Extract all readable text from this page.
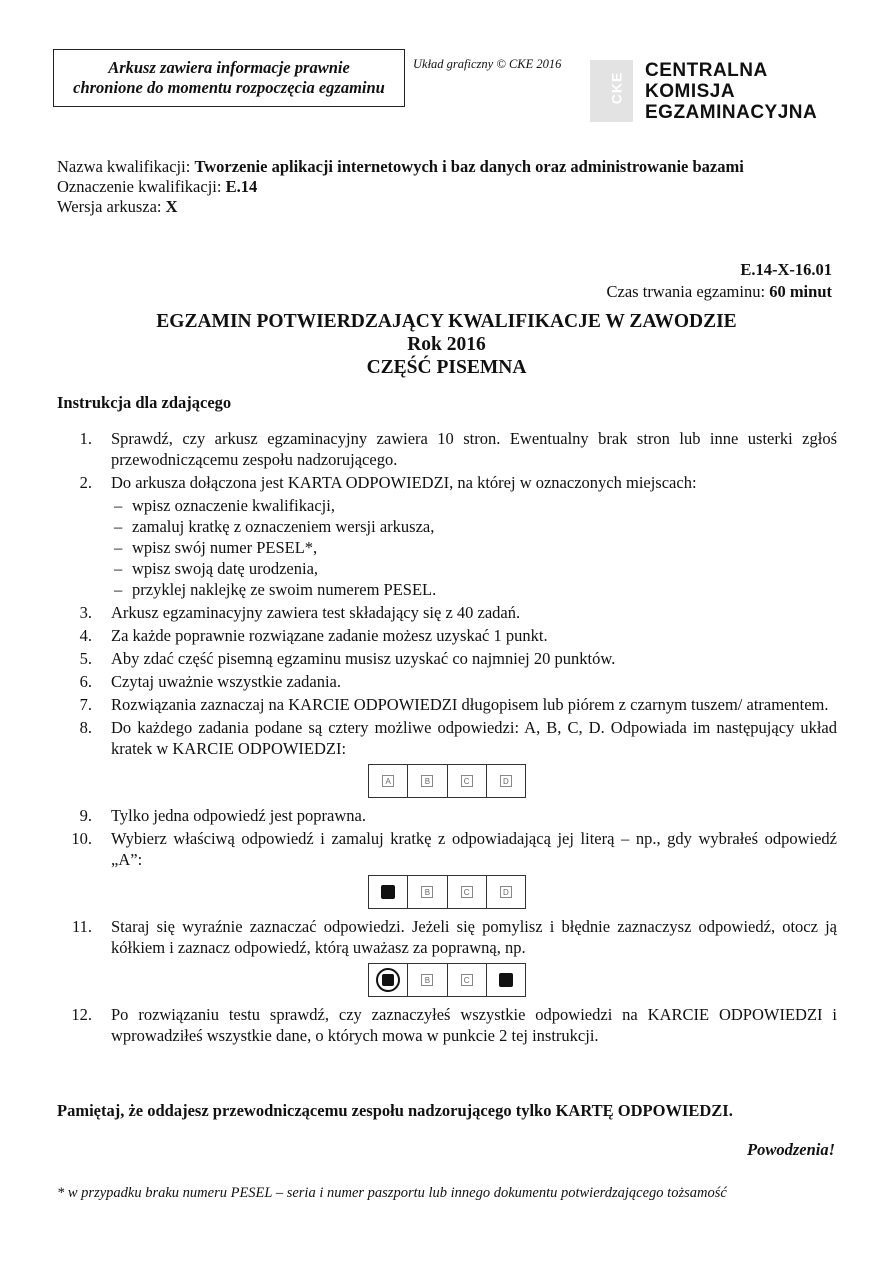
Arkusz zawiera informacje prawnie
chronione do momentu rozpoczęcia egzaminu
Układ graficzny © CKE 2016
CKE
CENTRALNA
KOMISJA
EGZAMINACYJNA
Nazwa kwalifikacji: Tworzenie aplikacji internetowych i baz danych oraz administrowanie bazami
Oznaczenie kwalifikacji: E.14
Wersja arkusza: X
E.14-X-16.01
Czas trwania egzaminu: 60 minut
EGZAMIN POTWIERDZAJĄCY KWALIFIKACJE W ZAWODZIE
Rok 2016
CZĘŚĆ PISEMNA
Instrukcja dla zdającego
1. Sprawdź, czy arkusz egzaminacyjny zawiera 10 stron. Ewentualny brak stron lub inne usterki zgłoś przewodniczącemu zespołu nadzorującego.
2. Do arkusza dołączona jest KARTA ODPOWIEDZI, na której w oznaczonych miejscach:
– wpisz oznaczenie kwalifikacji,
– zamaluj kratkę z oznaczeniem wersji arkusza,
– wpisz swój numer PESEL*,
– wpisz swoją datę urodzenia,
– przyklej naklejkę ze swoim numerem PESEL.
3. Arkusz egzaminacyjny zawiera test składający się z 40 zadań.
4. Za każde poprawnie rozwiązane zadanie możesz uzyskać 1 punkt.
5. Aby zdać część pisemną egzaminu musisz uzyskać co najmniej 20 punktów.
6. Czytaj uważnie wszystkie zadania.
7. Rozwiązania zaznaczaj na KARCIE ODPOWIEDZI długopisem lub piórem z czarnym tuszem/ atramentem.
8. Do każdego zadania podane są cztery możliwe odpowiedzi: A, B, C, D. Odpowiada im następujący układ kratek w KARCIE ODPOWIEDZI:
A	B	C	D
9. Tylko jedna odpowiedź jest poprawna.
10. Wybierz właściwą odpowiedź i zamaluj kratkę z odpowiadającą jej literą – np., gdy wybrałeś odpowiedź „A”:
B	C	D
11. Staraj się wyraźnie zaznaczać odpowiedzi. Jeżeli się pomylisz i błędnie zaznaczysz odpowiedź, otocz ją kółkiem i zaznacz odpowiedź, którą uważasz za poprawną, np.
B	C
12. Po rozwiązaniu testu sprawdź, czy zaznaczyłeś wszystkie odpowiedzi na KARCIE ODPOWIEDZI i wprowadziłeś wszystkie dane, o których mowa w punkcie 2 tej instrukcji.
Pamiętaj, że oddajesz przewodniczącemu zespołu nadzorującego tylko KARTĘ ODPOWIEDZI.
Powodzenia!
* w przypadku braku numeru PESEL – seria i numer paszportu lub innego dokumentu potwierdzającego tożsamość
